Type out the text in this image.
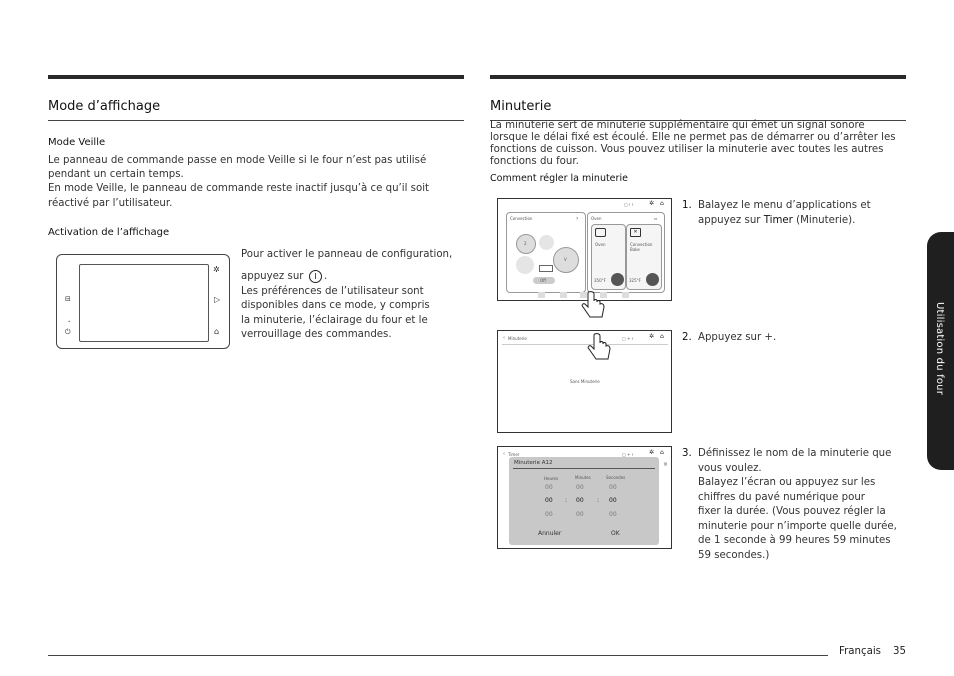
Mode d’affichage
Mode Veille
Le panneau de commande passe en mode Veille si le four n’est pas utilisé
pendant un certain temps.
En mode Veille, le panneau de commande reste inactif jusqu’à ce qu’il soit
réactivé par l’utilisateur.
Activation de l’affichage
✲
⊟	▷
•
⏻	⌂
Pour activer le panneau de configuration,
appuyez sur	I .
Les préférences de l’utilisateur sont
disponibles dans ce mode, y compris
la minuterie, l’éclairage du four et le
verrouillage des commandes.
Minuterie
La minuterie sert de minuterie supplémentaire qui émet un signal sonore
lorsque le délai fixé est écoulé. Elle ne permet pas de démarrer ou d’arrêter les
fonctions de cuisson. Vous pouvez utiliser la minuterie avec toutes les autres
fonctions du four.
Comment régler la minuterie
▢ ⁞ ⁞	✲ ⌂
Convection	›
2
V
Off
Oven	⇔
Oven
350°F
✕
Convection
Bake
325°F
‹ Minuterie	▢ + ⁞	✲ ⌂
Sans Minuterie
‹ Timer	▢ + ⁞	✲ ⌂
Minuterie A12
Heures	Minutes	Secondes
00	00	00
00 : 00 : 00
00	00	00
Annuler	OK
×
1. Balayez le menu d’applications et
appuyez sur Timer (Minuterie).
2. Appuyez sur +.
3. Définissez le nom de la minuterie que
vous voulez.
Balayez l’écran ou appuyez sur les
chiffres du pavé numérique pour
fixer la durée. (Vous pouvez régler la
minuterie pour n’importe quelle durée,
de 1 seconde à 99 heures 59 minutes
59 secondes.)
Utilisation du four
Français 35
